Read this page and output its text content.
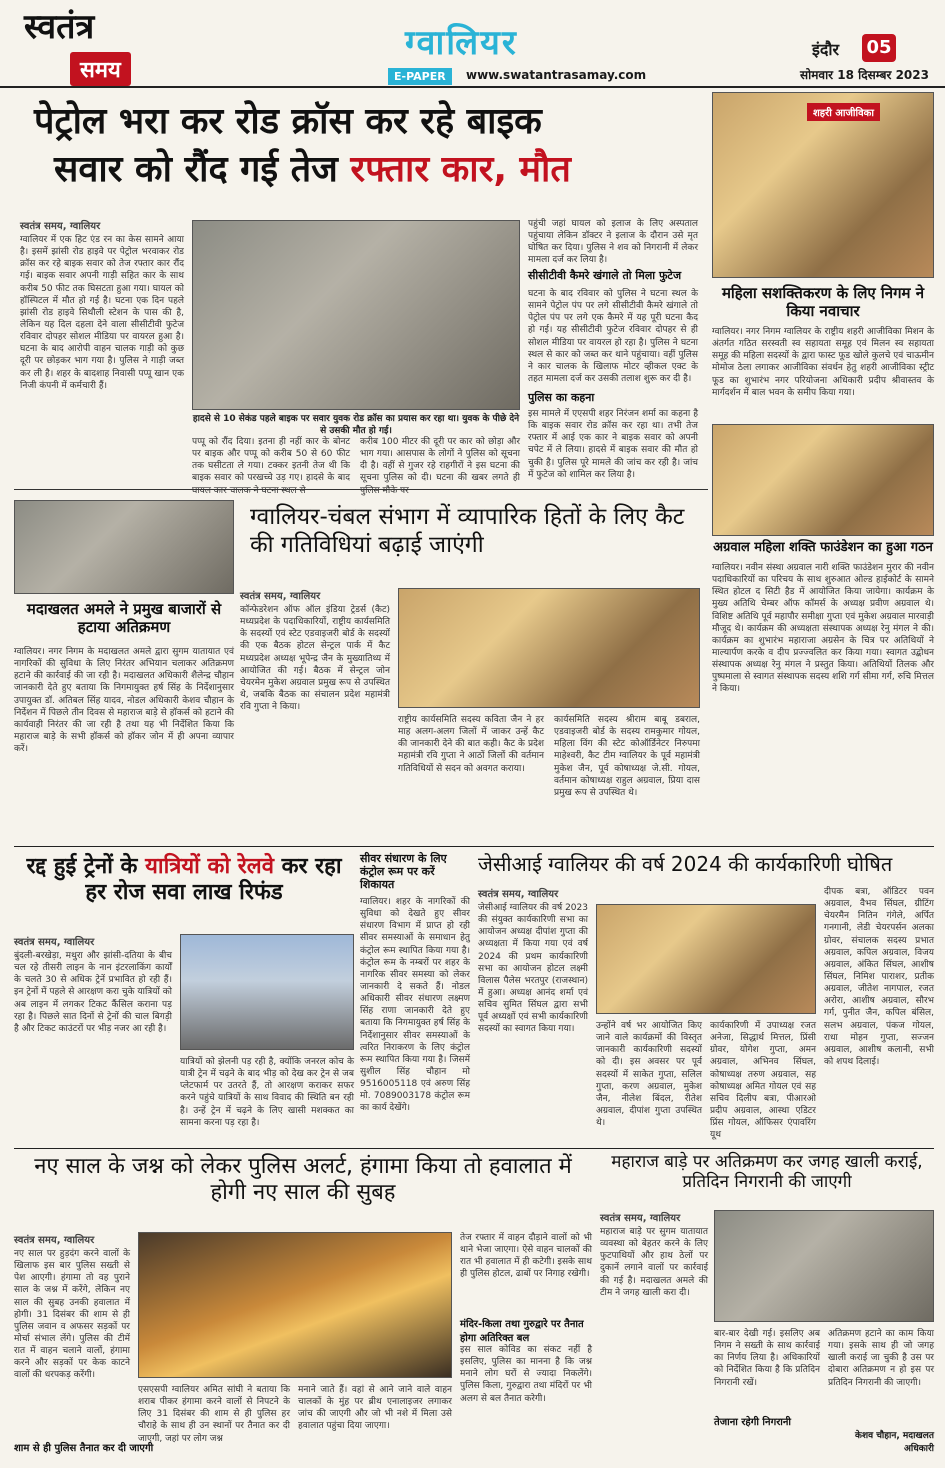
स्वतंत्र
समय
ग्वालियर
E-PAPER	www.swatantrasamay.com
इंदौर 05
सोमवार 18 दिसम्बर 2023
पेट्रोल भरा कर रोड क्रॉस कर रहे बाइक
सवार को रौंद गई तेज रफ्तार कार, मौत
स्वतंत्र समय, ग्वालियर
ग्वालियर में एक हिट एंड रन का केस सामने आया है। इसमें झांसी रोड हाइवे पर पेट्रोल भरवाकर रोड क्रॉस कर रहे बाइक सवार को तेज रफ्तार कार रौंद गई। बाइक सवार अपनी गाड़ी सहित कार के साथ करीब 50 फीट तक घिसटता हुआ गया। घायल को हॉस्पिटल में मौत हो गई है। घटना एक दिन पहले झांसी रोड हाइवे सिथौली स्टेशन के पास की है, लेकिन यह दिल दहला देने वाला सीसीटीवी फुटेज रविवार दोपहर सोशल मीडिया पर वायरल हुआ है। घटना के बाद आरोपी वाहन चालक गाड़ी को कुछ दूरी पर छोड़कर भाग गया है। पुलिस ने गाड़ी जब्त कर ली है। शहर के बादशाह निवासी पप्पू खान एक निजी कंपनी में कर्मचारी हैं।
हादसे से 10 सेकंड पहले बाइक पर सवार युवक रोड क्रॉस का प्रयास कर रहा था। युवक के पीछे देने से उसकी मौत हो गई।
पप्पू को रौंद दिया। इतना ही नहीं कार के बोनट पर बाइक और पप्पू को करीब 50 से 60 फीट तक घसीटता ले गया। टक्कर इतनी तेज थी कि बाइक सवार को परखच्चे उड़ गए। हादसे के बाद घायल कार चालक ने घटना स्थल से
करीब 100 मीटर की दूरी पर कार को छोड़ा और भाग गया। आसपास के लोगों ने पुलिस को सूचना दी है। वहीं से गुजर रहे राहगीरों ने इस घटना की सूचना पुलिस को दी। घटना की खबर लगते ही पुलिस मौके पर
पहुंची जहां घायल को इलाज के लिए अस्पताल पहुंचाया लेकिन डॉक्टर ने इलाज के दौरान उसे मृत घोषित कर दिया। पुलिस ने शव को निगरानी में लेकर मामला दर्ज कर लिया है।
सीसीटीवी कैमरे खंगाले तो मिला फुटेज
घटना के बाद रविवार को पुलिस ने घटना स्थल के सामने पेट्रोल पंप पर लगे सीसीटीवी कैमरे खंगाले तो पेट्रोल पंप पर लगे एक कैमरे में यह पूरी घटना कैद हो गई। यह सीसीटीवी फुटेज रविवार दोपहर से ही सोशल मीडिया पर वायरल हो रहा है। पुलिस ने घटना स्थल से कार को जब्त कर थाने पहुंचाया। वहीं पुलिस ने कार चालक के खिलाफ मोटर व्हीकल एक्ट के तहत मामला दर्ज कर उसकी तलाश शुरू कर दी है।
पुलिस का कहना
इस मामले में एएसपी शहर निरंजन शर्मा का कहना है कि बाइक सवार रोड क्रॉस कर रहा था। तभी तेज रफ्तार में आई एक कार ने बाइक सवार को अपनी चपेट में ले लिया। हादसे में बाइक सवार की मौत हो चुकी है। पुलिस पूरे मामले की जांच कर रही है। जांच में फुटेज को शामिल कर लिया है।
शहरी आजीविका
महिला सशक्तिकरण के लिए निगम ने किया नवाचार
ग्वालियर। नगर निगम ग्वालियर के राष्ट्रीय शहरी आजीविका मिशन के अंतर्गत गठित सरस्वती स्व सहायता समूह एवं मिलन स्व सहायता समूह की महिला सदस्यों के द्वारा फास्ट फूड खोले कुलचे एवं चाऊमीन मोमोज ठेला लगाकर आजीविका संवर्धन हेतु शहरी आजीविका स्ट्रीट फूड का शुभारंभ नगर परियोजना अधिकारी प्रदीप श्रीवास्तव के मार्गदर्शन में बाल भवन के समीप किया गया।
मदाखलत अमले ने प्रमुख बाजारों से हटाया अतिक्रमण
ग्वालियर। नगर निगम के मदाखलत अमले द्वारा सुगम यातायात एवं नागरिकों की सुविधा के लिए निरंतर अभियान चलाकर अतिक्रमण हटाने की कार्रवाई की जा रही है। मदाखलत अधिकारी शैलेन्द्र चौहान जानकारी देते हुए बताया कि निगमायुक्त हर्ष सिंह के निर्देशानुसार उपायुक्त डॉ. अतिबल सिंह यादव, नोडल अधिकारी केशव चौहान के निर्देशन में पिछले तीन दिवस से महाराज बाड़े से हॉकर्स को हटाने की कार्यवाही निरंतर की जा रही है तथा यह भी निर्देशित किया कि महाराज बाड़े के सभी हॉकर्स को हॉकर जोन में ही अपना व्यापार करें।
ग्वालियर-चंबल संभाग में व्यापारिक हितों के लिए कैट की गतिविधियां बढ़ाई जाएंगी
स्वतंत्र समय, ग्वालियर
कॉन्फेडरेशन ऑफ ऑल इंडिया ट्रेडर्स (कैट) मध्यप्रदेश के पदाधिकारियों, राष्ट्रीय कार्यसमिति के सदस्यों एवं स्टेट एडवाइजरी बोर्ड के सदस्यों की एक बैठक होटल सेन्ट्रल पार्क में कैट मध्यप्रदेश अध्यक्ष भूपेन्द्र जैन के मुख्यातिथ्य में आयोजित की गई। बैठक में सेन्ट्रल जोन चेयरमेन मुकेश अग्रवाल प्रमुख रूप से उपस्थित थे, जबकि बैठक का संचालन प्रदेश महामंत्री रवि गुप्ता ने किया।
राष्ट्रीय कार्यसमिति सदस्य कविता जैन ने हर माह अलग-अलग जिलों में जाकर उन्हें कैट की जानकारी देने की बात कही। कैट के प्रदेश महामंत्री रवि गुप्ता ने आठों जिलों की वर्तमान गतिविधियों से सदन को अवगत कराया।
कार्यसमिति सदस्य श्रीराम बाबू डबराल, एडवाइजरी बोर्ड के सदस्य रामकुमार गोयल, महिला विंग की स्टेट कोऑर्डिनेटर निरुपमा माहेश्वरी, कैट टीम ग्वालियर के पूर्व महामंत्री मुकेश जैन, पूर्व कोषाध्यक्ष जे.सी. गोयल, वर्तमान कोषाध्यक्ष राहुल अग्रवाल, प्रिया दास प्रमुख रूप से उपस्थित थे।
अग्रवाल महिला शक्ति फाउंडेशन का हुआ गठन
ग्वालियर। नवीन संस्था अग्रवाल नारी शक्ति फाउंडेशन मुरार की नवीन पदाधिकारियों का परिचय के साथ शुरुआत ओल्ड हाईकोर्ट के सामने स्थित होटल द सिटी हैड में आयोजित किया जायेगा। कार्यक्रम के मुख्य अतिथि चेम्बर ऑफ कॉमर्स के अध्यक्ष प्रवीण अग्रवाल थे। विशिष्ट अतिथि पूर्व महापौर समीक्षा गुप्ता एवं मुकेश अग्रवाल मारवाड़ी मौजूद थे। कार्यक्रम की अध्यक्षता संस्थापक अध्यक्ष रेनु मंगल ने की। कार्यक्रम का शुभारंभ महाराजा अग्रसेन के चित्र पर अतिथियों ने माल्यार्पण करके व दीप प्रज्ज्वलित कर किया गया। स्वागत उद्बोधन संस्थापक अध्यक्ष रेनु मंगल ने प्रस्तुत किया। अतिथियों तिलक और पुष्पमाला से स्वागत संस्थापक सदस्य शशि गर्ग सीमा गर्ग, रुचि मित्तल ने किया।
रद्द हुई ट्रेनों के यात्रियों को रेलवे कर रहा हर रोज सवा लाख रिफंड
स्वतंत्र समय, ग्वालियर
बुंदली-बरखेड़ा, मथुरा और झांसी-दतिया के बीच चल रहे तीसरी लाइन के नान इंटरलाकिंग कार्यों के चलते 30 से अधिक ट्रेनें प्रभावित हो रही हैं। इन ट्रेनों में पहले से आरक्षण करा चुके यात्रियों को अब लाइन में लगकर टिकट कैंसिल कराना पड़ रहा है। पिछले सात दिनों से ट्रेनों की चाल बिगड़ी है और टिकट काउंटरों पर भीड़ नजर आ रही है।
यात्रियों को झेलनी पड़ रही है, क्योंकि जनरल कोच के यात्री ट्रेन में चढ़ने के बाद भीड़ को देख कर ट्रेन से जब प्लेटफार्म पर उतरते हैं, तो आरक्षण कराकर सफर करने पहुंचे यात्रियों के साथ विवाद की स्थिति बन रही है। उन्हें ट्रेन में चढ़ने के लिए खासी मशक्कत का सामना करना पड़ रहा है।
सीवर संधारण के लिए कंट्रोल रूम पर करें शिकायत
ग्वालियर। शहर के नागरिकों की सुविधा को देखते हुए सीवर संधारण विभाग में प्राप्त हो रही सीवर समस्याओं के समाधान हेतु कंट्रोल रूम स्थापित किया गया है। कंट्रोल रूम के नम्बरों पर शहर के नागरिक सीवर समस्या को लेकर जानकारी दे सकते हैं। नोडल अधिकारी सीवर संधारण लक्ष्मण सिंह राणा जानकारी देते हुए बताया कि निगमायुक्त हर्ष सिंह के निर्देशानुसार सीवर समस्याओं के त्वरित निराकरण के लिए कंट्रोल रूम स्थापित किया गया है। जिसमें सुशील सिंह चौहान मो 9516005118 एवं अरुण सिंह मो. 7089003178 कंट्रोल रूम का कार्य देखेंगे।
जेसीआई ग्वालियर की वर्ष 2024 की कार्यकारिणी घोषित
स्वतंत्र समय, ग्वालियर
जेसीआई ग्वालियर की वर्ष 2023 की संयुक्त कार्यकारिणी सभा का आयोजन अध्यक्ष दीपांश गुप्ता की अध्यक्षता में किया गया एवं वर्ष 2024 की प्रथम कार्यकारिणी सभा का आयोजन होटल लक्ष्मी विलास पैलेस भरतपुर (राजस्थान) में हुआ। अध्यक्ष आनंद शर्मा एवं सचिव सुमित सिंघल द्वारा सभी पूर्व अध्यक्षों एवं सभी कार्यकारिणी सदस्यों का स्वागत किया गया।	उन्होंने वर्ष भर आयोजित किए जाने वाले कार्यक्रमों की विस्तृत जानकारी कार्यकारिणी सदस्यों को दी। इस अवसर पर पूर्व सदस्यों में साकेत गुप्ता, सलिल गुप्ता, करण अग्रवाल, मुकेश जैन, नीलेश बिंदल, रीतेश अग्रवाल, दीपांश गुप्ता उपस्थित थे।
कार्यकारिणी में उपाध्यक्ष रजत अनेजा, सिद्धार्थ मित्तल, प्रिंसी ग्रोवर, योगेश गुप्ता, अमन अग्रवाल, अभिनव सिंघल, कोषाध्यक्ष तरुण अग्रवाल, सह कोषाध्यक्ष अमित गोयल एवं सह सचिव दिलीप बत्रा, पीआरओ प्रदीप अग्रवाल, आस्था एडिटर प्रिंस गोयल, ऑफिसर एंपावरिंग यूथ
दीपक बत्रा, ऑडिटर पवन अग्रवाल, वैभव सिंघल, ग्रीटिंग चेयरमैन नितिन गंगेले, अर्पित गनगानी, लेडी चेयरपर्सन अलका ग्रोवर, संचालक सदस्य प्रभात अग्रवाल, कपिल अग्रवाल, विजय अग्रवाल, अंकित सिंघल, आशीष सिंघल, निमिश पाराशर, प्रतीक अग्रवाल, जीतेश नागपाल, रजत अरोरा, आशीष अग्रवाल, सौरभ गर्ग, पुनीत जैन, कपिल बंसिल, सलभ अग्रवाल, पंकज गोयल, राधा मोहन गुप्ता, सज्जन अग्रवाल, आशीष कलानी, सभी को शपथ दिलाई।
नए साल के जश्न को लेकर पुलिस अलर्ट, हंगामा किया तो हवालात में होगी नए साल की सुबह
स्वतंत्र समय, ग्वालियर
नए साल पर हुड़दंग करने वालों के खिलाफ इस बार पुलिस सख्ती से पेश आएगी। हंगामा तो वह पुराने साल के जश्न में करेंगे, लेकिन नए साल की सुबह उनकी हवालात में होगी। 31 दिसंबर की शाम से ही पुलिस जवान व अफसर सड़कों पर मोर्चा संभाल लेंगे। पुलिस की टीमें रात में वाहन चलाने वालों, हंगामा करने और सड़कों पर केक काटने वालों की धरपकड़ करेंगी।
शाम से ही पुलिस तैनात कर दी जाएगी
एसएसपी ग्वालियर अमित सांघी ने बताया कि शराब पीकर हंगामा करने वालों से निपटने के लिए 31 दिसंबर की शाम से ही पुलिस हर चौराहे के साथ ही उन स्थानों पर तैनात कर दी जाएगी, जहां पर लोग जश्न
मनाने जाते हैं। वहां से आने जाने वाले वाहन चालकों के मुंह पर ब्रीथ एनालाइजर लगाकर जांच की जाएगी और जो भी नशे में मिला उसे हवालात पहुंचा दिया जाएगा।
तेज रफ्तार में वाहन दौड़ाने वालों को भी थाने भेजा जाएगा। ऐसे वाहन चालकों की रात भी हवालात में ही कटेगी। इसके साथ ही पुलिस होटल, ढाबों पर निगाह रखेगी।
मंदिर-किला तथा गुरुद्वारे पर तैनात होगा अतिरिक्त बल
इस साल कोविड का संकट नहीं है इसलिए, पुलिस का मानना है कि जश्न मनाने लोग घरों से ज्यादा निकलेंगे। पुलिस किला, गुरुद्वारा तथा मंदिरों पर भी अलग से बल तैनात करेगी।
महाराज बाड़े पर अतिक्रमण कर जगह खाली कराई, प्रतिदिन निगरानी की जाएगी
स्वतंत्र समय, ग्वालियर
महाराज बाड़े पर सुगम यातायात व्यवस्था को बेहतर करने के लिए फुटपाथियों और हाथ ठेलों पर दुकानें लगाने वालों पर कार्रवाई की गई है। मदाखलत अमले की टीम ने जगह खाली करा दी।
बार-बार देखी गई। इसलिए अब निगम ने सख्ती के साथ कार्रवाई का निर्णय लिया है। अधिकारियों को निर्देशित किया है कि प्रतिदिन निगरानी रखें।
तेजाना रहेगी निगरानी
अतिक्रमण हटाने का काम किया गया। इसके साथ ही जो जगह खाली कराई जा चुकी है उस पर दोबारा अतिक्रमण न हो इस पर प्रतिदिन निगरानी की जाएगी।
केशव चौहान, मदाखलत अधिकारी
